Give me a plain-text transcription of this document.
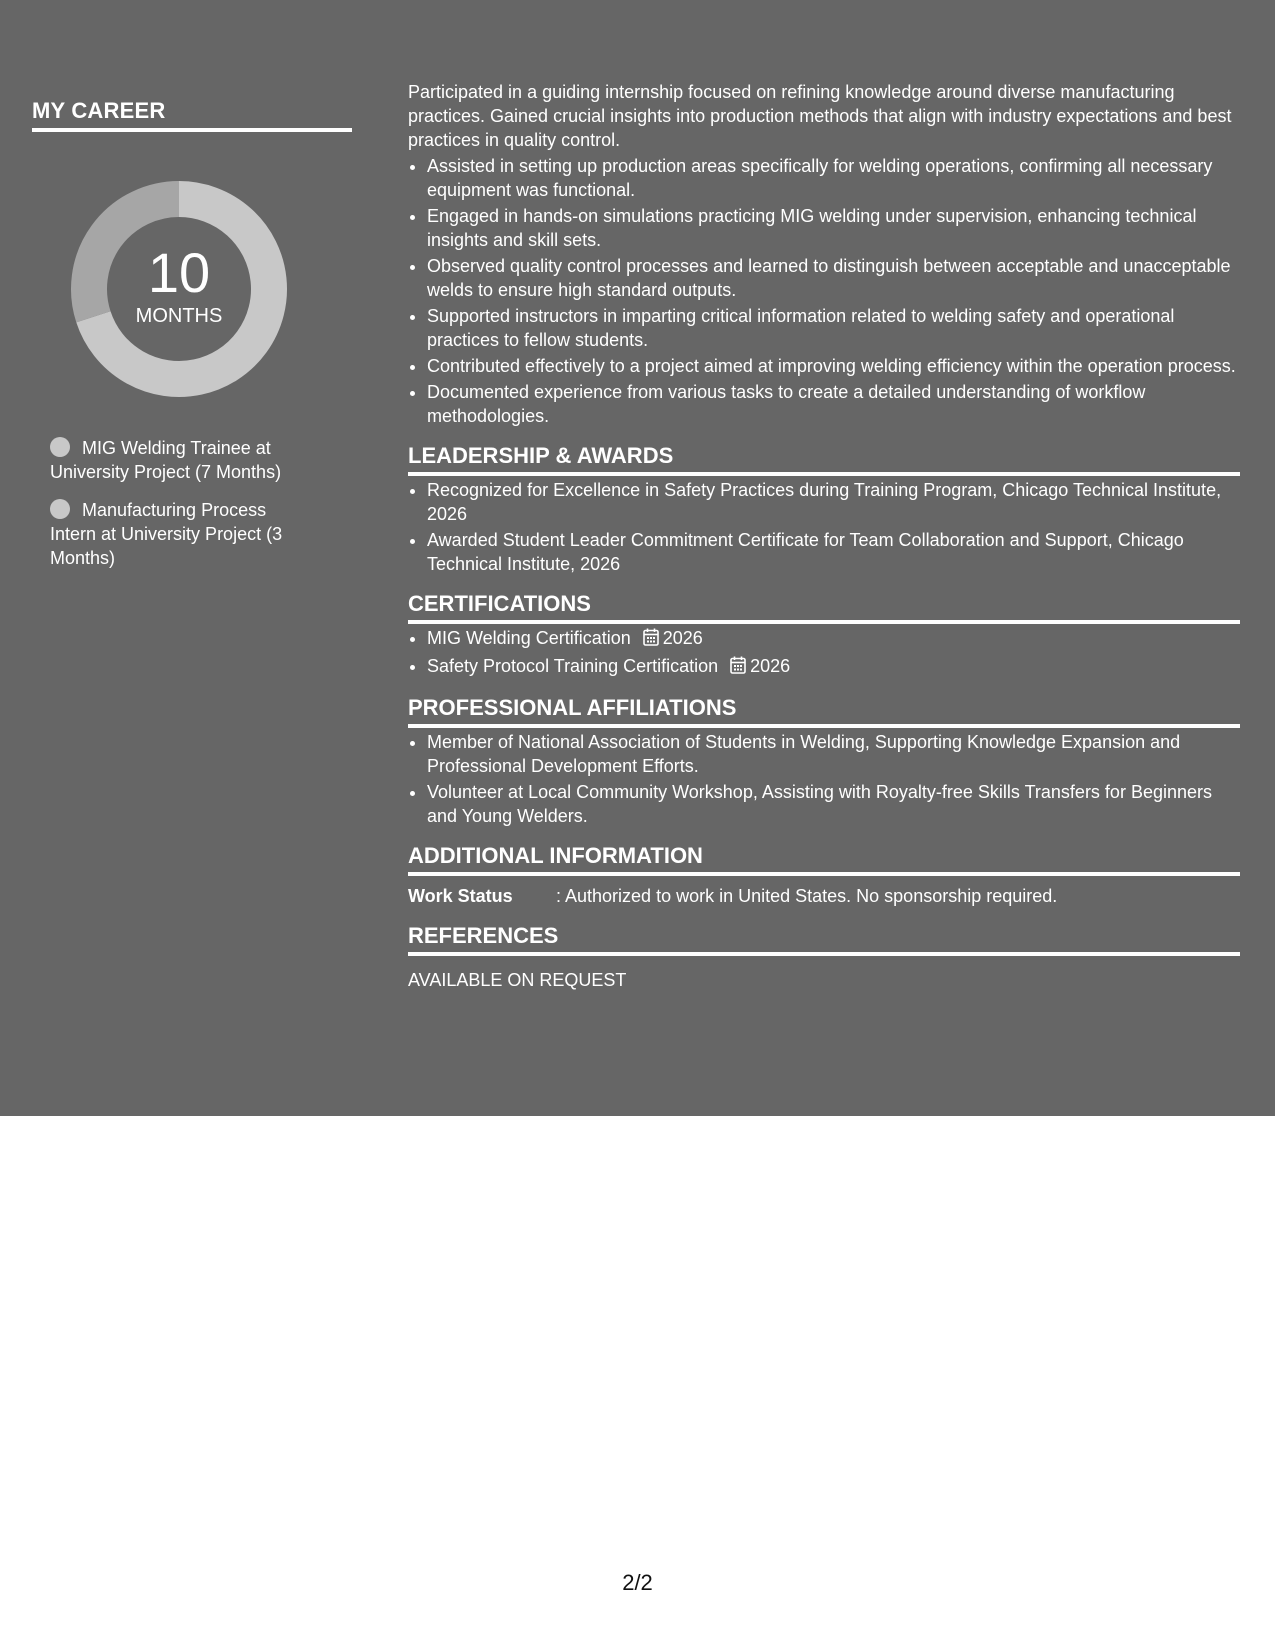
MY CAREER
10
MONTHS
MIG Welding Trainee at University Project (7 Months)
Manufacturing Process Intern at University Project (3 Months)

Participated in a guiding internship focused on refining knowledge around diverse manufacturing practices. Gained crucial insights into production methods that align with industry expectations and best practices in quality control.

• Assisted in setting up production areas specifically for welding operations, confirming all necessary equipment was functional.
• Engaged in hands-on simulations practicing MIG welding under supervision, enhancing technical insights and skill sets.
• Observed quality control processes and learned to distinguish between acceptable and unacceptable welds to ensure high standard outputs.
• Supported instructors in imparting critical information related to welding safety and operational practices to fellow students.
• Contributed effectively to a project aimed at improving welding efficiency within the operation process.
• Documented experience from various tasks to create a detailed understanding of workflow methodologies.
LEADERSHIP & AWARDS
• Recognized for Excellence in Safety Practices during Training Program, Chicago Technical Institute, 2026
• Awarded Student Leader Commitment Certificate for Team Collaboration and Support, Chicago Technical Institute, 2026
CERTIFICATIONS
• MIG Welding Certification 2026
• Safety Protocol Training Certification 2026
PROFESSIONAL AFFILIATIONS
• Member of National Association of Students in Welding, Supporting Knowledge Expansion and Professional Development Efforts.
• Volunteer at Local Community Workshop, Assisting with Royalty-free Skills Transfers for Beginners and Young Welders.
ADDITIONAL INFORMATION
Work Status	: Authorized to work in United States. No sponsorship required.
REFERENCES
AVAILABLE ON REQUEST
2/2
